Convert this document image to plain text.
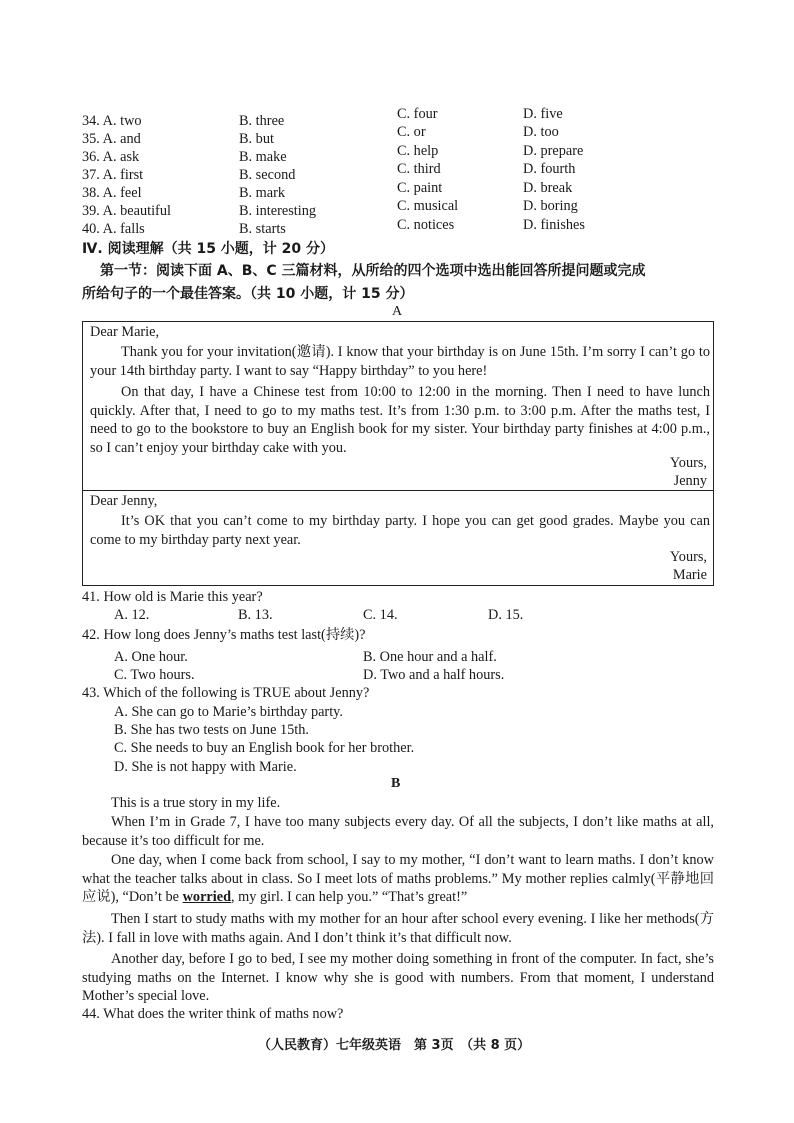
34. A. two	B. three	C. four	D. five
35. A. and	B. but	C. or	D. too
36. A. ask	B. make	C. help	D. prepare
37. A. first	B. second	C. third	D. fourth
38. A. feel	B. mark	C. paint	D. break
39. A. beautiful	B. interesting	C. musical	D. boring
40. A. falls	B. starts	C. notices	D. finishes
Ⅳ. 阅读理解（共 15 小题，计 20 分）
第一节：阅读下面 A、B、C 三篇材料，从所给的四个选项中选出能回答所提问题或完成
所给句子的一个最佳答案。（共 10 小题，计 15 分）
A
Dear Marie,
Thank you for your invitation(邀请). I know that your birthday is on June 15th. I’m sorry I can’t go to your 14th birthday party. I want to say “Happy birthday” to you here!
On that day, I have a Chinese test from 10:00 to 12:00 in the morning. Then I need to have lunch quickly. After that, I need to go to my maths test. It’s from 1:30 p.m. to 3:00 p.m. After the maths test, I need to go to the bookstore to buy an English book for my sister. Your birthday party finishes at 4:00 p.m., so I can’t enjoy your birthday cake with you.
Yours,
Jenny
Dear Jenny,
It’s OK that you can’t come to my birthday party. I hope you can get good grades. Maybe you can come to my birthday party next year.
Yours,
Marie
41. How old is Marie this year?
A. 12.	B. 13.	C. 14.	D. 15.
42. How long does Jenny’s maths test last(持续)?
A. One hour.	B. One hour and a half.
C. Two hours.	D. Two and a half hours.
43. Which of the following is TRUE about Jenny?
A. She can go to Marie’s birthday party.
B. She has two tests on June 15th.
C. She needs to buy an English book for her brother.
D. She is not happy with Marie.
B
This is a true story in my life.
When I’m in Grade 7, I have too many subjects every day. Of all the subjects, I don’t like maths at all, because it’s too difficult for me.
One day, when I come back from school, I say to my mother, “I don’t want to learn maths. I don’t know what the teacher talks about in class. So I meet lots of maths problems.” My mother replies calmly(平静地回应说), “Don’t be worried, my girl. I can help you.” “That’s great!”
Then I start to study maths with my mother for an hour after school every evening. I like her methods(方法). I fall in love with maths again. And I don’t think it’s that difficult now.
Another day, before I go to bed, I see my mother doing something in front of the computer. In fact, she’s studying maths on the Internet. I know why she is good with numbers. From that moment, I understand Mother’s special love.
44. What does the writer think of maths now?
（人民教育）七年级英语　第 3页　（共 8 页）
